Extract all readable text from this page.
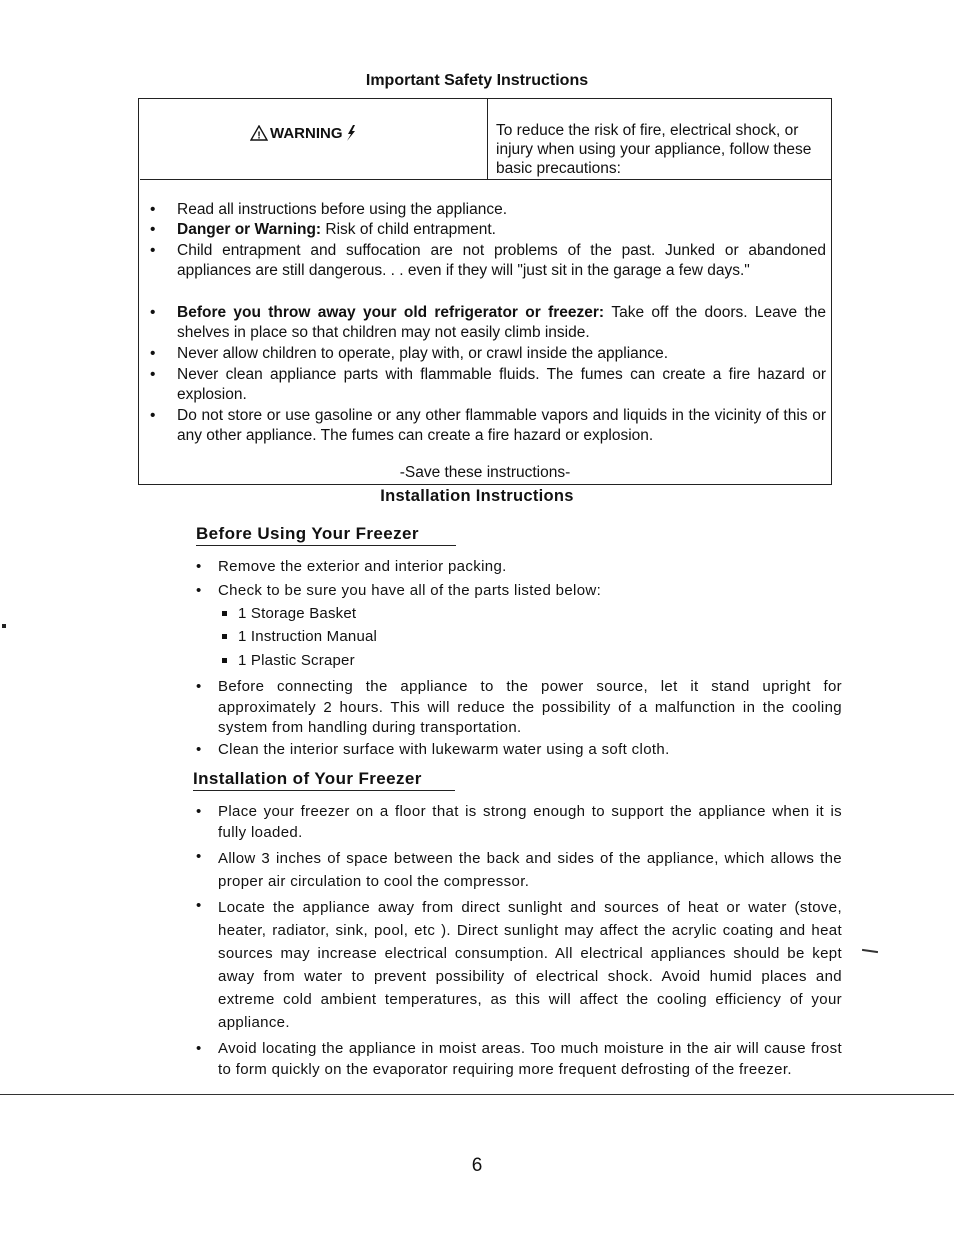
Important Safety Instructions
! WARNING	To reduce the risk of fire, electrical shock, or injury when using your appliance, follow these basic precautions:
• Read all instructions before using the appliance.
• Danger or Warning: Risk of child entrapment.
• Child entrapment and suffocation are not problems of the past. Junked or abandoned appliances are still dangerous. . . even if they will "just sit in the garage a few days."
• Before you throw away your old refrigerator or freezer: Take off the doors. Leave the shelves in place so that children may not easily climb inside.
• Never allow children to operate, play with, or crawl inside the appliance.
• Never clean appliance parts with flammable fluids. The fumes can create a fire hazard or explosion.
• Do not store or use gasoline or any other flammable vapors and liquids in the vicinity of this or any other appliance. The fumes can create a fire hazard or explosion.
-Save these instructions-
Installation Instructions
Before Using Your Freezer
• Remove the exterior and interior packing.
• Check to be sure you have all of the parts listed below:
1 Storage Basket
1 Instruction Manual
1 Plastic Scraper
• Before connecting the appliance to the power source, let it stand upright for approximately 2 hours. This will reduce the possibility of a malfunction in the cooling system from handling during transportation.
• Clean the interior surface with lukewarm water using a soft cloth.
Installation of Your Freezer
• Place your freezer on a floor that is strong enough to support the appliance when it is fully loaded.
• Allow 3 inches of space between the back and sides of the appliance, which allows the proper air circulation to cool the compressor.
• Locate the appliance away from direct sunlight and sources of heat or water (stove, heater, radiator, sink, pool, etc ). Direct sunlight may affect the acrylic coating and heat sources may increase electrical consumption. All electrical appliances should be kept away from water to prevent possibility of electrical shock. Avoid humid places and extreme cold ambient temperatures, as this will affect the cooling efficiency of your appliance.
• Avoid locating the appliance in moist areas. Too much moisture in the air will cause frost to form quickly on the evaporator requiring more frequent defrosting of the freezer.
6
